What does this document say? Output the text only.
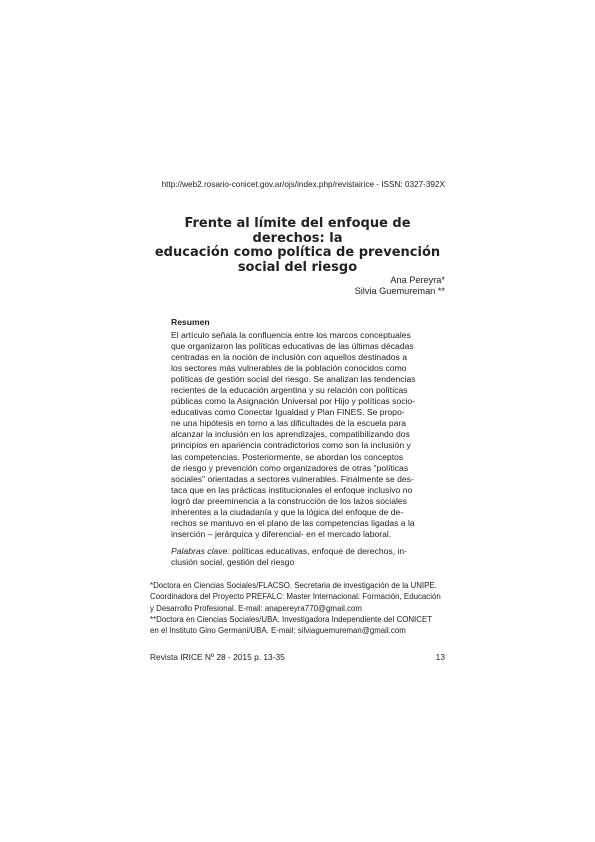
http://web2.rosario-conicet.gov.ar/ojs/index.php/revistairice - ISSN: 0327-392X
Frente al límite del enfoque de derechos: la
educación como política de prevención
social del riesgo
Ana Pereyra*
Silvia Guemureman **
Resumen
El artículo señala la confluencia entre los marcos conceptuales
que organizaron las políticas educativas de las últimas décadas
centradas en la noción de inclusión con aquellos destinados a
los sectores más vulnerables de la población conocidos como
políticas de gestión social del riesgo. Se analizan las tendencias
recientes de la educación argentina y su relación con políticas
públicas como la Asignación Universal por Hijo y políticas socio-
educativas como Conectar Igualdad y Plan FINES. Se propo-
ne una hipótesis en torno a las dificultades de la escuela para
alcanzar la inclusión en los aprendizajes, compatibilizando dos
principios en apariencia contradictorios como son la inclusión y
las competencias. Posteriormente, se abordan los conceptos
de riesgo y prevención como organizadores de otras "políticas
sociales" orientadas a sectores vulnerables. Finalmente se des-
taca que en las prácticas institucionales el enfoque inclusivo no
logró dar preeminencia a la construcción de los lazos sociales
inherentes a la ciudadanía y que la lógica del enfoque de de-
rechos se mantuvo en el plano de las competencias ligadas a la
inserción – jerárquica y diferencial- en el mercado laboral.
Palabras clave: políticas educativas, enfoque de derechos, in-
clusión social, gestión del riesgo
*Doctora en Ciencias Sociales/FLACSO. Secretaria de investigación de la UNIPE.
Coordinadora del Proyecto PREFALC: Master Internacional: Formación, Educación
y Desarrollo Profesional. E-mail: anapereyra770@gmail.com
**Doctora en Ciencias Sociales/UBA. Investigadora Independiente del CONICET
en el Instituto Gino Germani/UBA. E-mail: silviaguemureman@gmail.com
Revista IRICE Nº 28 - 2015 p. 13-35	13
